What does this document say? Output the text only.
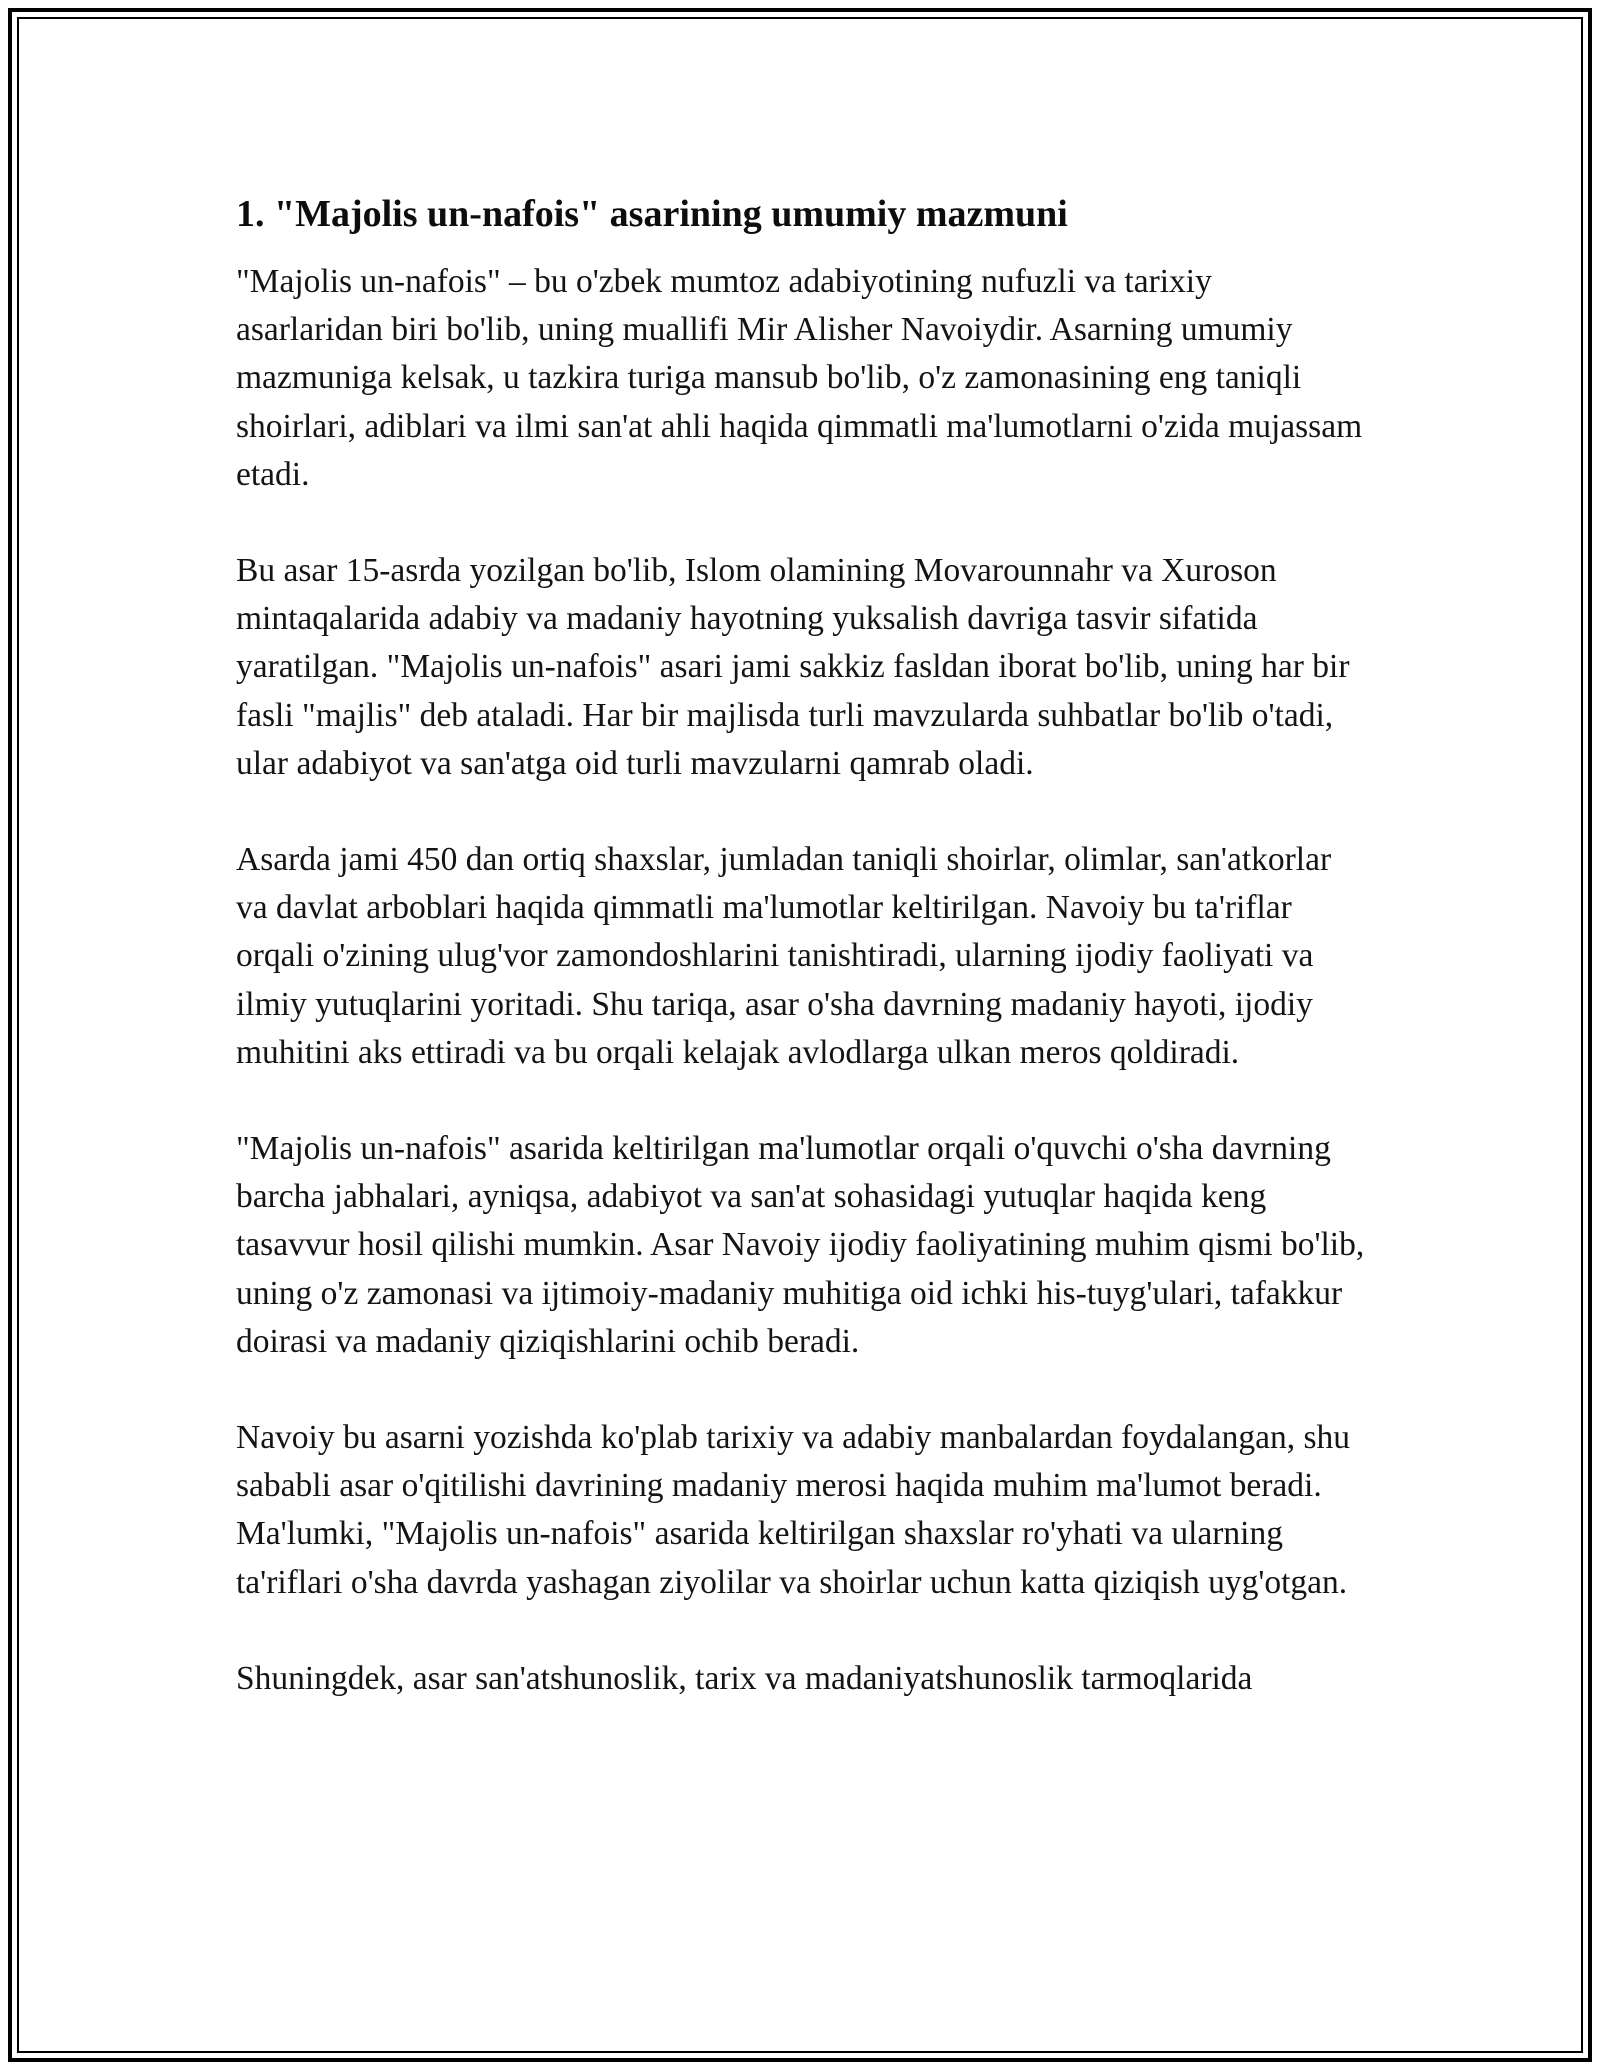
1. "Majolis un-nafois" asarining umumiy mazmuni

"Majolis un-nafois" – bu o'zbek mumtoz adabiyotining nufuzli va tarixiy asarlaridan biri bo'lib, uning muallifi Mir Alisher Navoiydir. Asarning umumiy mazmuniga kelsak, u tazkira turiga mansub bo'lib, o'z zamonasining eng taniqli shoirlari, adiblari va ilmi san'at ahli haqida qimmatli ma'lumotlarni o'zida mujassam etadi.

Bu asar 15-asrda yozilgan bo'lib, Islom olamining Movarounnahr va Xuroson mintaqalarida adabiy va madaniy hayotning yuksalish davriga tasvir sifatida yaratilgan. "Majolis un-nafois" asari jami sakkiz fasldan iborat bo'lib, uning har bir fasli "majlis" deb ataladi. Har bir majlisda turli mavzularda suhbatlar bo'lib o'tadi, ular adabiyot va san'atga oid turli mavzularni qamrab oladi.

Asarda jami 450 dan ortiq shaxslar, jumladan taniqli shoirlar, olimlar, san'atkorlar va davlat arboblari haqida qimmatli ma'lumotlar keltirilgan. Navoiy bu ta'riflar orqali o'zining ulug'vor zamondoshlarini tanishtiradi, ularning ijodiy faoliyati va ilmiy yutuqlarini yoritadi. Shu tariqa, asar o'sha davrning madaniy hayoti, ijodiy muhitini aks ettiradi va bu orqali kelajak avlodlarga ulkan meros qoldiradi.

"Majolis un-nafois" asarida keltirilgan ma'lumotlar orqali o'quvchi o'sha davrning barcha jabhalari, ayniqsa, adabiyot va san'at sohasidagi yutuqlar haqida keng tasavvur hosil qilishi mumkin. Asar Navoiy ijodiy faoliyatining muhim qismi bo'lib, uning o'z zamonasi va ijtimoiy-madaniy muhitiga oid ichki his-tuyg'ulari, tafakkur doirasi va madaniy qiziqishlarini ochib beradi.

Navoiy bu asarni yozishda ko'plab tarixiy va adabiy manbalardan foydalangan, shu sababli asar o'qitilishi davrining madaniy merosi haqida muhim ma'lumot beradi. Ma'lumki, "Majolis un-nafois" asarida keltirilgan shaxslar ro'yhati va ularning ta'riflari o'sha davrda yashagan ziyolilar va shoirlar uchun katta qiziqish uyg'otgan.

Shuningdek, asar san'atshunoslik, tarix va madaniyatshunoslik tarmoqlarida
